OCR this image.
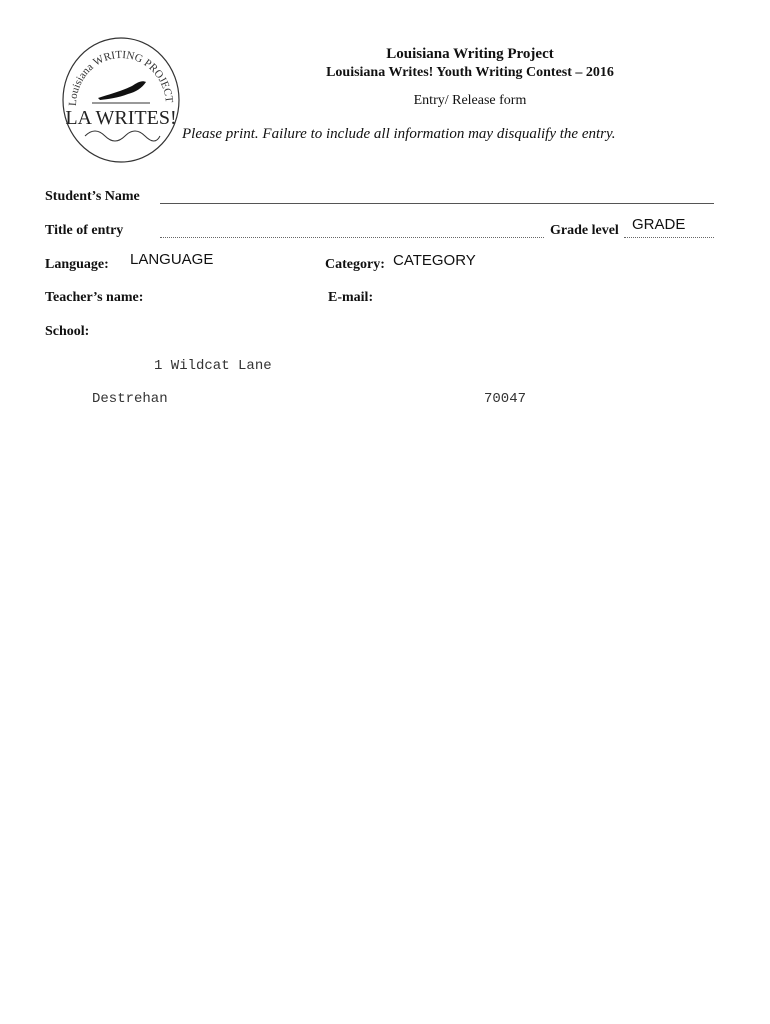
Louisiana WRITING PROJECT
LA WRITES!
Louisiana Writing Project
Louisiana Writes! Youth Writing Contest – 2016
Entry/ Release form
Please print. Failure to include all information may disqualify the entry.
Student’s Name
Title of entry	Grade level GRADE
Language: LANGUAGE	Category: CATEGORY
Teacher’s name:	E-mail:
School:
1 Wildcat Lane
Destrehan	70047
